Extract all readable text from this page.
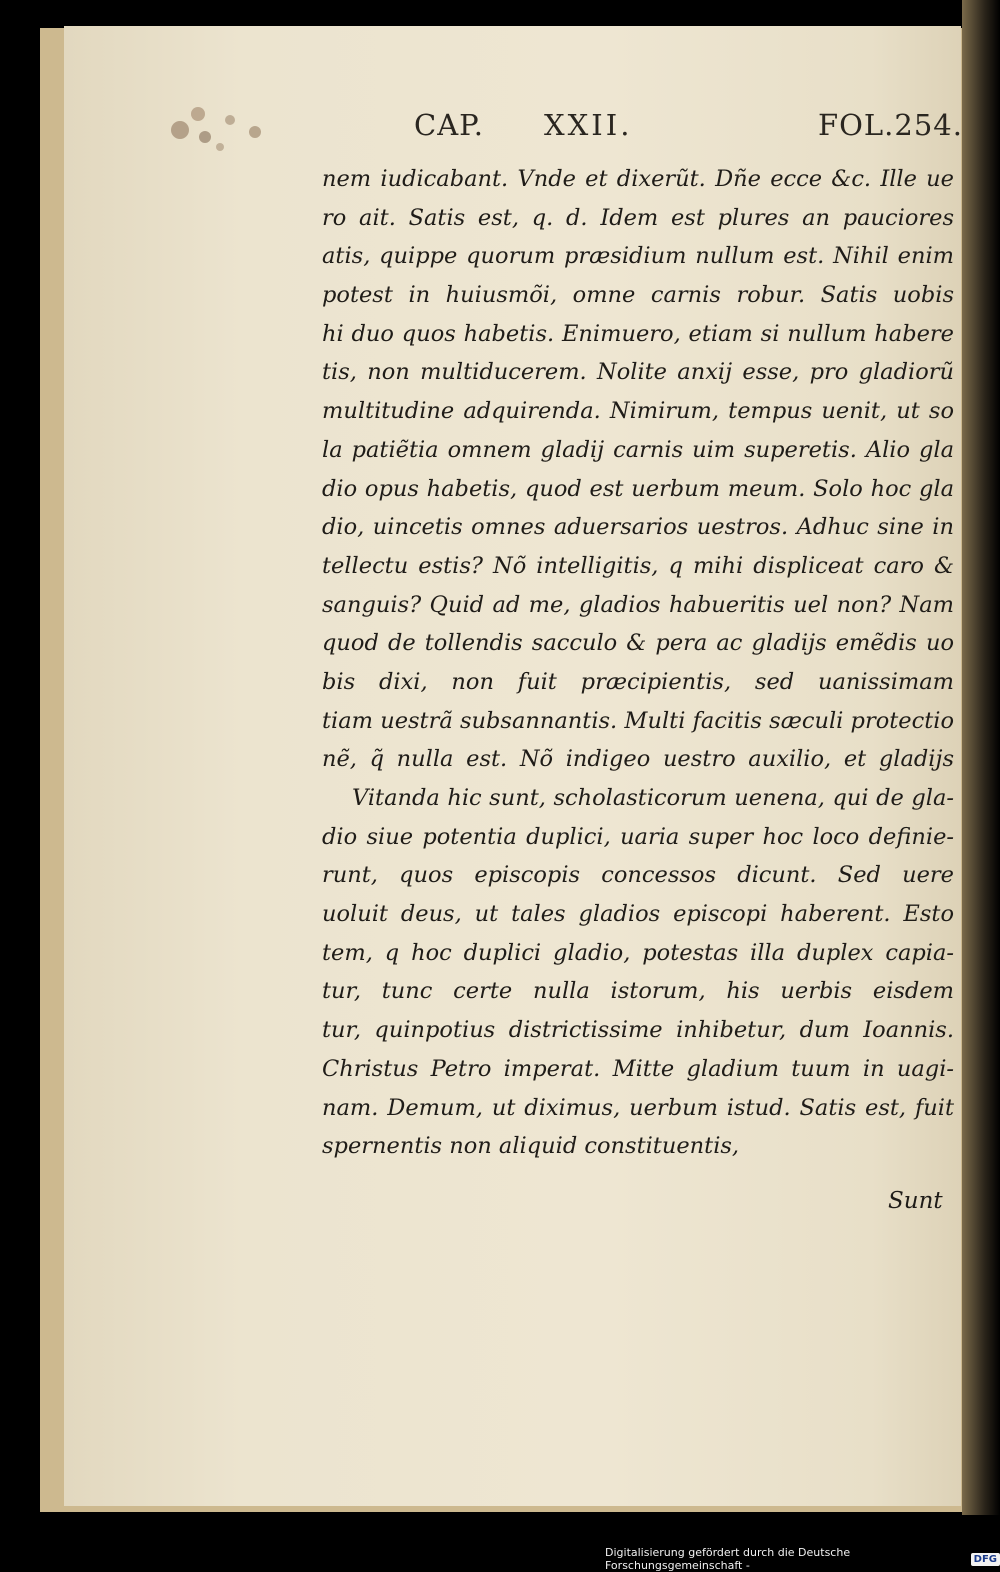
CAP. XXII.	FOL.254.
nem iudicabant. Vnde et dixerũt. Dñe ecce &c. Ille ue
ro ait. Satis est, q. d. Idem est plures an pauciores
atis, quippe quorum præsidium nullum est. Nihil enim
potest in huiusmõi, omne carnis robur. Satis uobis
hi duo quos habetis. Enimuero, etiam si nullum habere
tis, non multiducerem. Nolite anxij esse, pro gladiorũ
multitudine adquirenda. Nimirum, tempus uenit, ut so
la patiẽtia omnem gladij carnis uim superetis. Alio gla
dio opus habetis, quod est uerbum meum. Solo hoc gla
dio, uincetis omnes aduersarios uestros. Adhuc sine in
tellectu estis? Nõ intelligitis, q mihi displiceat caro &
sanguis? Quid ad me, gladios habueritis uel non? Nam
quod de tollendis sacculo & pera ac gladijs emẽdis uo
bis dixi, non fuit præcipientis, sed uanissimam
tiam uestrã subsannantis. Multi facitis sæculi protectio
nẽ, q̃ nulla est. Nõ indigeo uestro auxilio, et gladijs
Vitanda hic sunt, scholasticorum uenena, qui de gla-
dio siue potentia duplici, uaria super hoc loco definie-
runt, quos episcopis concessos dicunt. Sed uere
uoluit deus, ut tales gladios episcopi haberent. Esto
tem, q hoc duplici gladio, potestas illa duplex capia-
tur, tunc certe nulla istorum, his uerbis eisdem
tur, quinpotius districtissime inhibetur, dum Ioannis.
Christus Petro imperat. Mitte gladium tuum in uagi-
nam. Demum, ut diximus, uerbum istud. Satis est, fuit
spernentis non aliquid constituentis,
Sunt
Digitalisierung gefördert durch die Deutsche Forschungsgemeinschaft -	DFG
